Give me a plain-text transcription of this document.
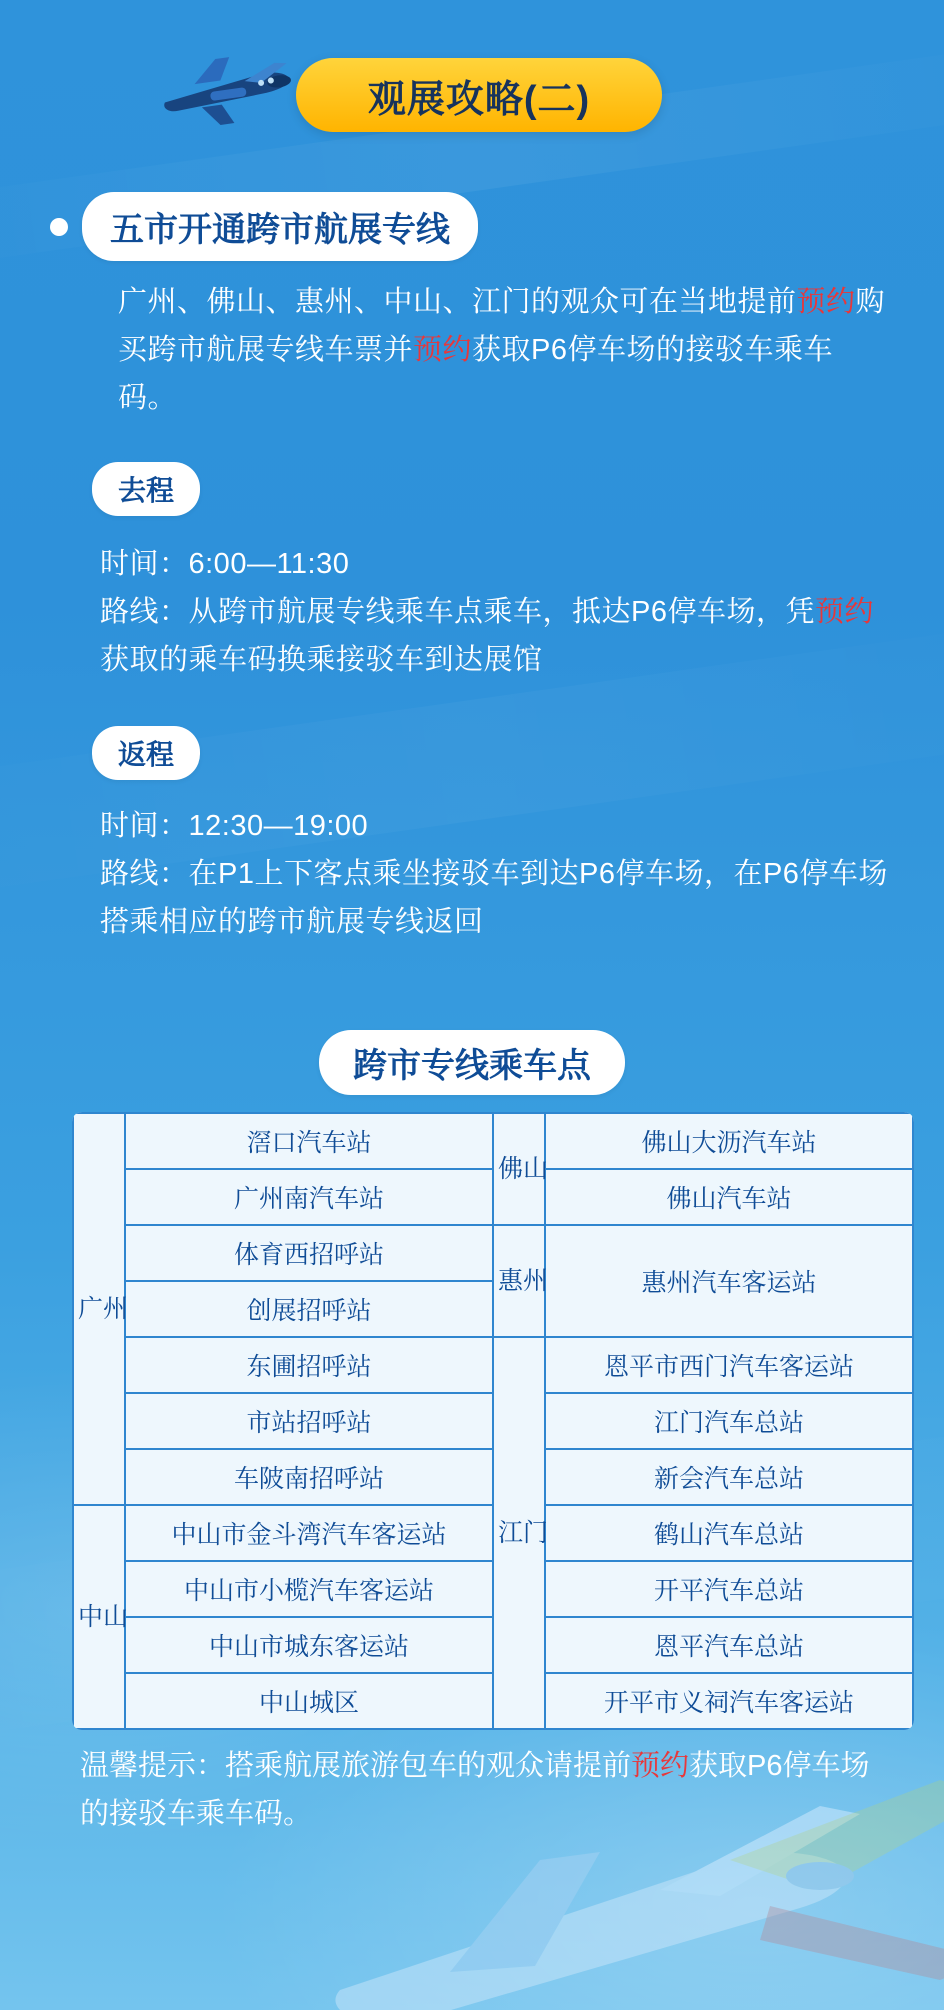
观展攻略(二)
五市开通跨市航展专线
广州、佛山、惠州、中山、江门的观众可在当地提前预约购买跨市航展专线车票并预约获取P6停车场的接驳车乘车码。
去程
时间：6:00—11:30
路线：从跨市航展专线乘车点乘车，抵达P6停车场，凭预约获取的乘车码换乘接驳车到达展馆
返程
时间：12:30—19:00
路线：在P1上下客点乘坐接驳车到达P6停车场，在P6停车场搭乘相应的跨市航展专线返回
跨市专线乘车点
广州	滘口汽车站	佛山	佛山大沥汽车站
	广州南汽车站		佛山汽车站
	体育西招呼站	惠州	惠州汽车客运站
	创展招呼站		
	东圃招呼站	江门	恩平市西门汽车客运站
	市站招呼站		江门汽车总站
	车陂南招呼站		新会汽车总站
中山	中山市金斗湾汽车客运站		鹤山汽车总站
	中山市小榄汽车客运站		开平汽车总站
	中山市城东客运站		恩平汽车总站
	中山城区		开平市义祠汽车客运站
温馨提示：搭乘航展旅游包车的观众请提前预约获取P6停车场的接驳车乘车码。
